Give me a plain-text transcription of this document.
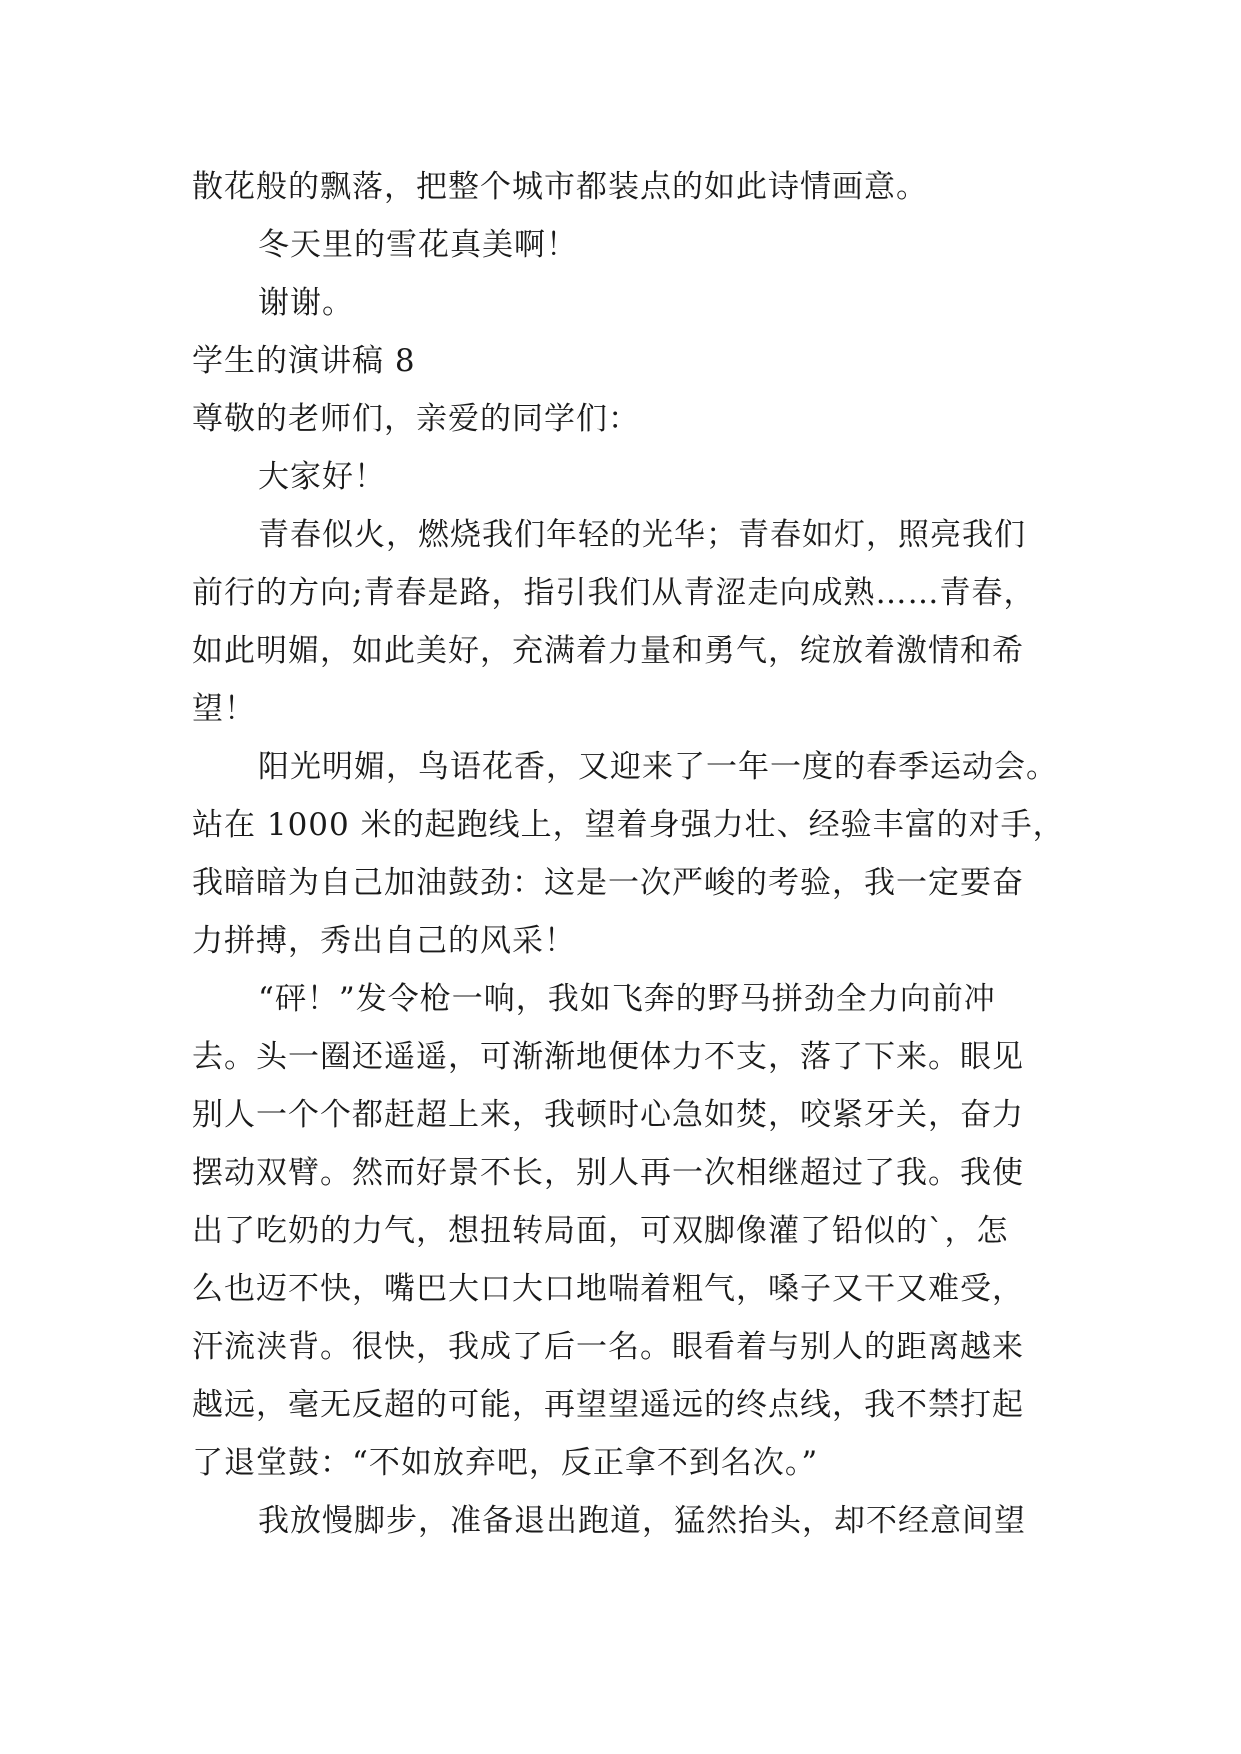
散花般的飘落，把整个城市都装点的如此诗情画意。
冬天里的雪花真美啊！
谢谢。
学生的演讲稿 8
尊敬的老师们，亲爱的同学们：
大家好！
青春似火，燃烧我们年轻的光华；青春如灯，照亮我们
前行的方向;青春是路，指引我们从青涩走向成熟……青春，
如此明媚，如此美好，充满着力量和勇气，绽放着激情和希
望！
阳光明媚，鸟语花香，又迎来了一年一度的春季运动会。
站在 1000 米的起跑线上，望着身强力壮、经验丰富的对手，
我暗暗为自己加油鼓劲：这是一次严峻的考验，我一定要奋
力拼搏，秀出自己的风采！
“砰！”发令枪一响，我如飞奔的野马拼劲全力向前冲
去。头一圈还遥遥，可渐渐地便体力不支，落了下来。眼见
别人一个个都赶超上来，我顿时心急如焚，咬紧牙关，奋力
摆动双臂。然而好景不长，别人再一次相继超过了我。我使
出了吃奶的力气，想扭转局面，可双脚像灌了铅似的`，怎
么也迈不快，嘴巴大口大口地喘着粗气，嗓子又干又难受，
汗流浃背。很快，我成了后一名。眼看着与别人的距离越来
越远，毫无反超的可能，再望望遥远的终点线，我不禁打起
了退堂鼓：“不如放弃吧，反正拿不到名次。”
我放慢脚步，准备退出跑道，猛然抬头，却不经意间望
